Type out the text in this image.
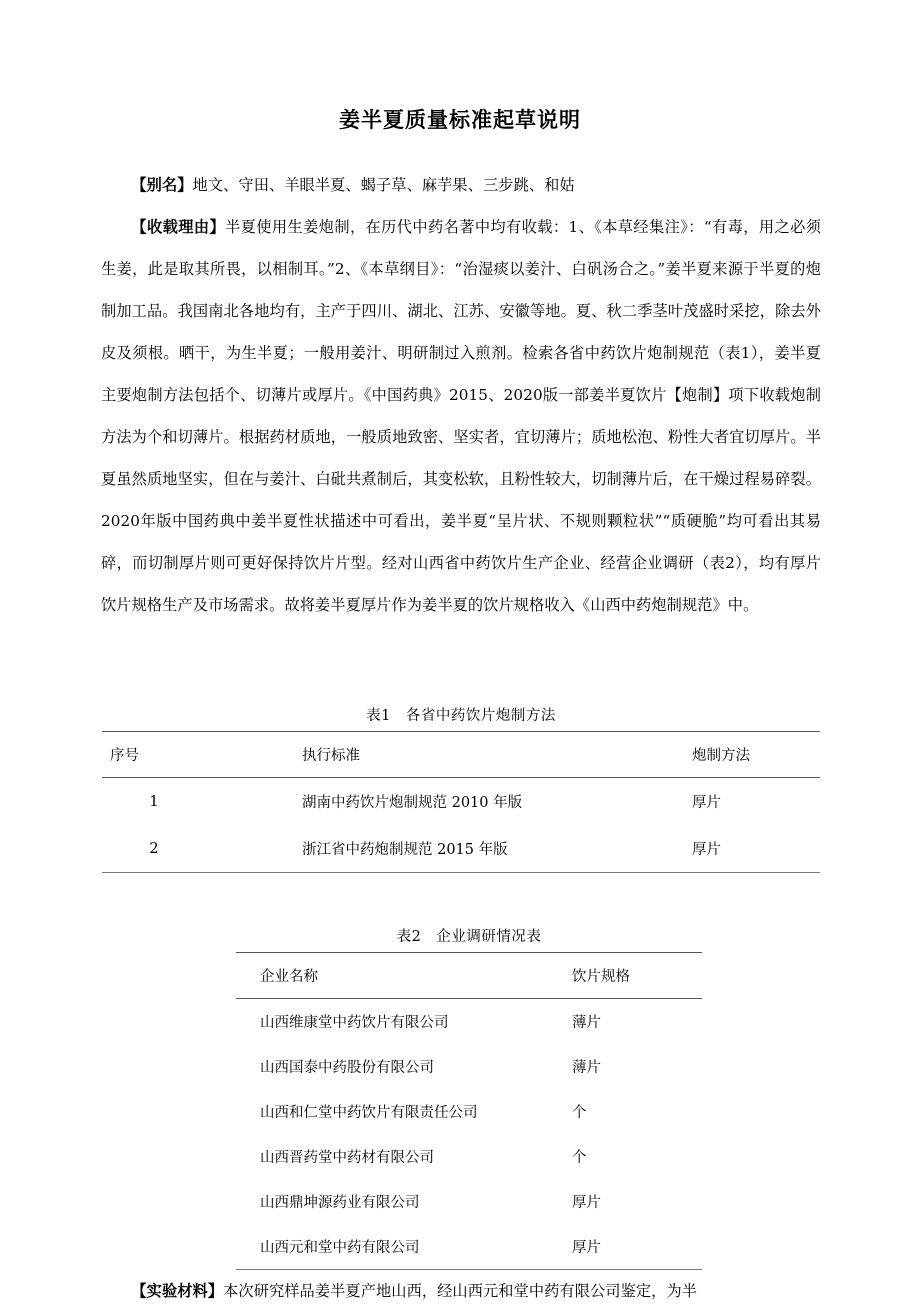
姜半夏质量标准起草说明

【别名】地文、守田、羊眼半夏、蝎子草、麻芋果、三步跳、和姑

【收载理由】半夏使用生姜炮制，在历代中药名著中均有收载：1、《本草经集注》：“有毒，用之必须生姜，此是取其所畏，以相制耳。”2、《本草纲目》：“治湿痰以姜汁、白矾汤合之。”姜半夏来源于半夏的炮制加工品。我国南北各地均有，主产于四川、湖北、江苏、安徽等地。夏、秋二季茎叶茂盛时采挖，除去外皮及须根。晒干，为生半夏；一般用姜汁、明研制过入煎剂。检索各省中药饮片炮制规范（表1），姜半夏主要炮制方法包括个、切薄片或厚片。《中国药典》2015、2020版一部姜半夏饮片【炮制】项下收载炮制方法为个和切薄片。根据药材质地，一般质地致密、坚实者，宜切薄片；质地松泡、粉性大者宜切厚片。半夏虽然质地坚实，但在与姜汁、白砒共煮制后，其变松软，且粉性较大，切制薄片后，在干燥过程易碎裂。2020年版中国药典中姜半夏性状描述中可看出，姜半夏“呈片状、不规则颗粒状”“质硬脆”均可看出其易碎，而切制厚片则可更好保持饮片片型。经对山西省中药饮片生产企业、经营企业调研（表2），均有厚片饮片规格生产及市场需求。故将姜半夏厚片作为姜半夏的饮片规格收入《山西中药炮制规范》中。

表1　各省中药饮片炮制方法
序号	执行标准	炮制方法
1	湖南中药饮片炮制规范 2010 年版	厚片
2	浙江省中药炮制规范 2015 年版	厚片
表2　企业调研情况表
企业名称	饮片规格
山西维康堂中药饮片有限公司	薄片
山西国泰中药股份有限公司	薄片
山西和仁堂中药饮片有限责任公司	个
山西晋药堂中药材有限公司	个
山西鼎坤源药业有限公司	厚片
山西元和堂中药有限公司	厚片

【实验材料】本次研究样品姜半夏产地山西，经山西元和堂中药有限公司鉴定，为半
